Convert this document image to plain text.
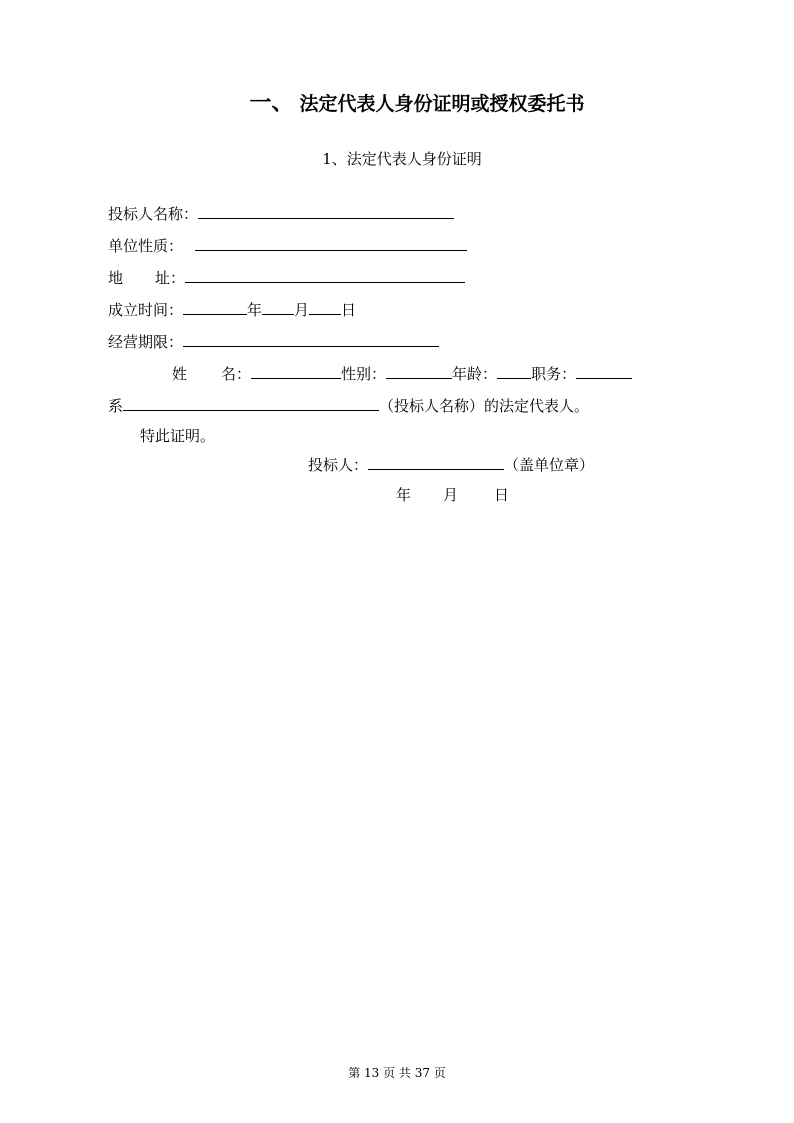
一、 法定代表人身份证明或授权委托书
1、法定代表人身份证明
投标人名称：
单位性质：
地 址：
成立时间：	年 月 日
经营期限：
姓 名：	性别：	年龄： 职务：
系	（投标人名称）的法定代表人。
特此证明。
投标人：	（盖单位章）
年 月 日
第 13 页 共 37 页
